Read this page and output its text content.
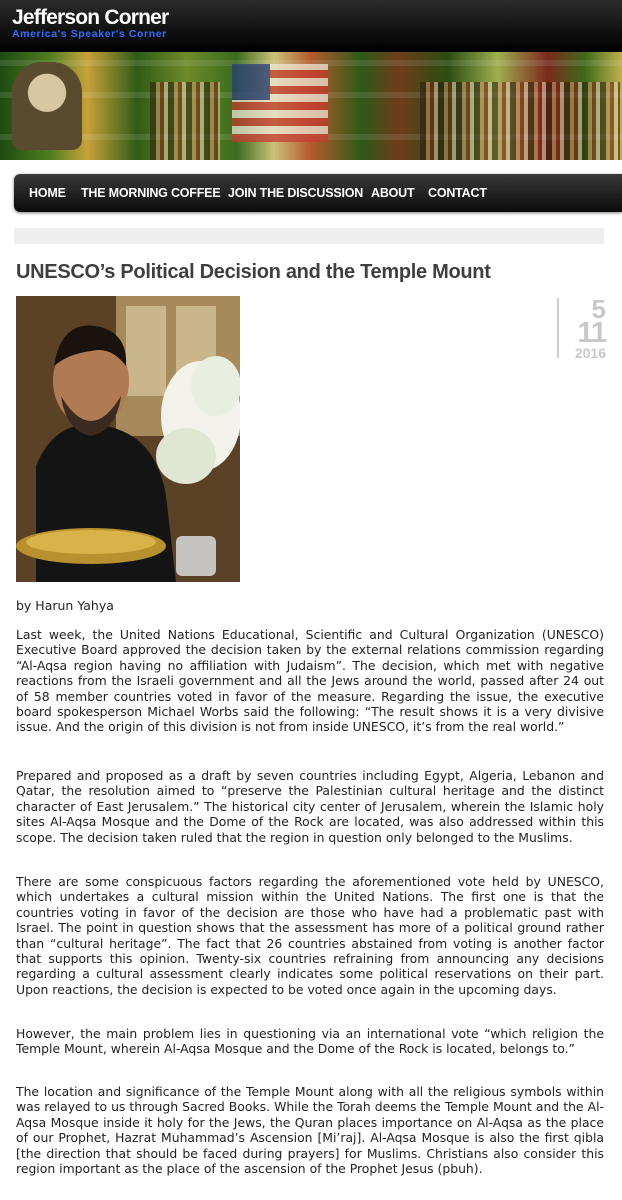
Jefferson Corner
America's Speaker's Corner
HOME THE MORNING COFFEE JOIN THE DISCUSSION ABOUT CONTACT
UNESCO’s Political Decision and the Temple Mount
5
11
2016
by Harun Yahya

Last week, the United Nations Educational, Scientific and Cultural Organization (UNESCO) Executive Board approved the decision taken by the external relations commission regarding “Al-Aqsa region having no affiliation with Judaism”. The decision, which met with negative reactions from the Israeli government and all the Jews around the world, passed after 24 out of 58 member countries voted in favor of the measure. Regarding the issue, the executive board spokesperson Michael Worbs said the following: “The result shows it is a very divisive issue. And the origin of this division is not from inside UNESCO, it’s from the real world.”

Prepared and proposed as a draft by seven countries including Egypt, Algeria, Lebanon and Qatar, the resolution aimed to “preserve the Palestinian cultural heritage and the distinct character of East Jerusalem.” The historical city center of Jerusalem, wherein the Islamic holy sites Al-Aqsa Mosque and the Dome of the Rock are located, was also addressed within this scope. The decision taken ruled that the region in question only belonged to the Muslims.

There are some conspicuous factors regarding the aforementioned vote held by UNESCO, which undertakes a cultural mission within the United Nations. The first one is that the countries voting in favor of the decision are those who have had a problematic past with Israel. The point in question shows that the assessment has more of a political ground rather than “cultural heritage”. The fact that 26 countries abstained from voting is another factor that supports this opinion. Twenty-six countries refraining from announcing any decisions regarding a cultural assessment clearly indicates some political reservations on their part. Upon reactions, the decision is expected to be voted once again in the upcoming days.

However, the main problem lies in questioning via an international vote “which religion the Temple Mount, wherein Al-Aqsa Mosque and the Dome of the Rock is located, belongs to.”

The location and significance of the Temple Mount along with all the religious symbols within was relayed to us through Sacred Books. While the Torah deems the Temple Mount and the Al-Aqsa Mosque inside it holy for the Jews, the Quran places importance on Al-Aqsa as the place of our Prophet, Hazrat Muhammad’s Ascension [Mi’raj]. Al-Aqsa Mosque is also the first qibla [the direction that should be faced during prayers] for Muslims. Christians also consider this region important as the place of the ascension of the Prophet Jesus (pbuh).
